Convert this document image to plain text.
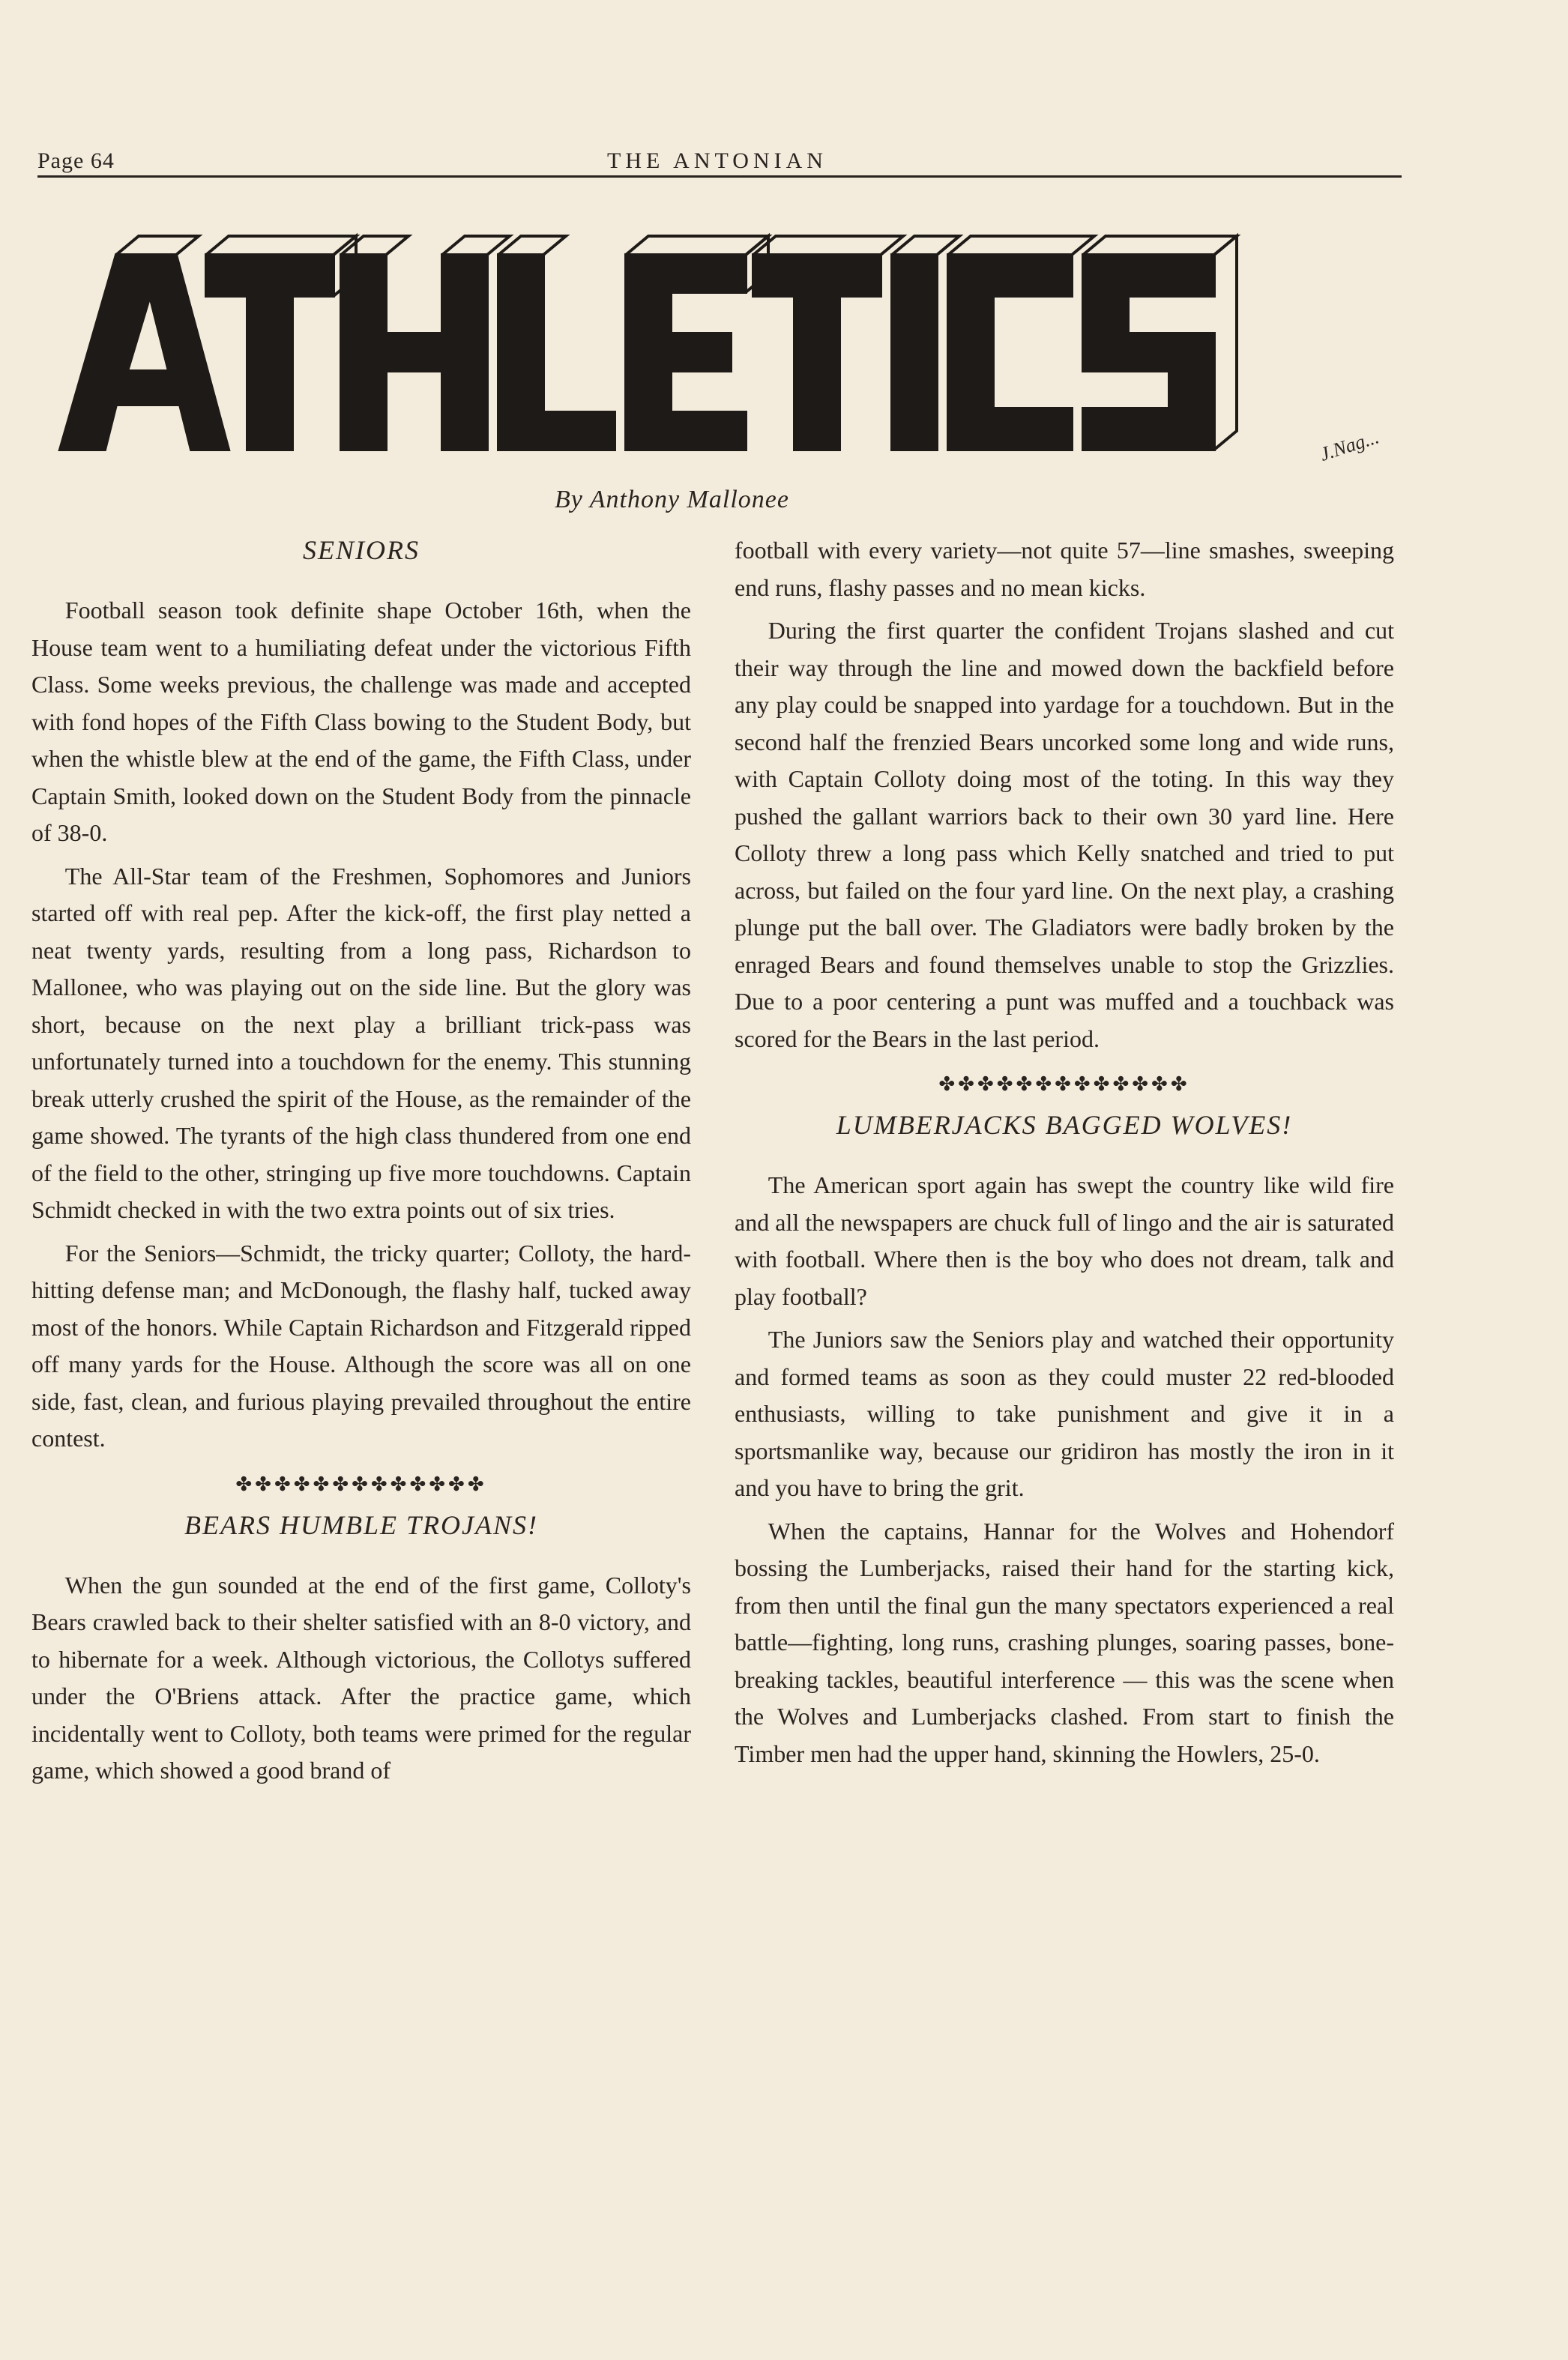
Page 64	THE ANTONIAN
J.Nag...
By Anthony Mallonee
SENIORS

Football season took definite shape October 16th, when the House team went to a humiliating defeat under the victorious Fifth Class. Some weeks previous, the challenge was made and accepted with fond hopes of the Fifth Class bowing to the Student Body, but when the whistle blew at the end of the game, the Fifth Class, under Captain Smith, looked down on the Student Body from the pinnacle of 38-0.

The All-Star team of the Freshmen, Sophomores and Juniors started off with real pep. After the kick-off, the first play netted a neat twenty yards, resulting from a long pass, Richardson to Mallonee, who was playing out on the side line. But the glory was short, because on the next play a brilliant trick-pass was unfortunately turned into a touchdown for the enemy. This stunning break utterly crushed the spirit of the House, as the remainder of the game showed. The tyrants of the high class thundered from one end of the field to the other, stringing up five more touchdowns. Captain Schmidt checked in with the two extra points out of six tries.

For the Seniors—Schmidt, the tricky quarter; Colloty, the hard-hitting defense man; and McDonough, the flashy half, tucked away most of the honors. While Captain Richardson and Fitzgerald ripped off many yards for the House. Although the score was all on one side, fast, clean, and furious playing prevailed throughout the entire contest.

✤✤✤✤✤✤✤✤✤✤✤✤✤
BEARS HUMBLE TROJANS!

When the gun sounded at the end of the first game, Colloty's Bears crawled back to their shelter satisfied with an 8-0 victory, and to hibernate for a week. Although victorious, the Collotys suffered under the O'Briens attack. After the practice game, which incidentally went to Colloty, both teams were primed for the regular game, which showed a good brand of

football with every variety—not quite 57—line smashes, sweeping end runs, flashy passes and no mean kicks.

During the first quarter the confident Trojans slashed and cut their way through the line and mowed down the backfield before any play could be snapped into yardage for a touchdown. But in the second half the frenzied Bears uncorked some long and wide runs, with Captain Colloty doing most of the toting. In this way they pushed the gallant warriors back to their own 30 yard line. Here Colloty threw a long pass which Kelly snatched and tried to put across, but failed on the four yard line. On the next play, a crashing plunge put the ball over. The Gladiators were badly broken by the enraged Bears and found themselves unable to stop the Grizzlies. Due to a poor centering a punt was muffed and a touchback was scored for the Bears in the last period.

✤✤✤✤✤✤✤✤✤✤✤✤✤
LUMBERJACKS BAGGED WOLVES!

The American sport again has swept the country like wild fire and all the newspapers are chuck full of lingo and the air is saturated with football. Where then is the boy who does not dream, talk and play football?

The Juniors saw the Seniors play and watched their opportunity and formed teams as soon as they could muster 22 red-blooded enthusiasts, willing to take punishment and give it in a sportsmanlike way, because our gridiron has mostly the iron in it and you have to bring the grit.

When the captains, Hannar for the Wolves and Hohendorf bossing the Lumberjacks, raised their hand for the starting kick, from then until the final gun the many spectators experienced a real battle—fighting, long runs, crashing plunges, soaring passes, bone-breaking tackles, beautiful interference — this was the scene when the Wolves and Lumberjacks clashed. From start to finish the Timber men had the upper hand, skinning the Howlers, 25-0.
